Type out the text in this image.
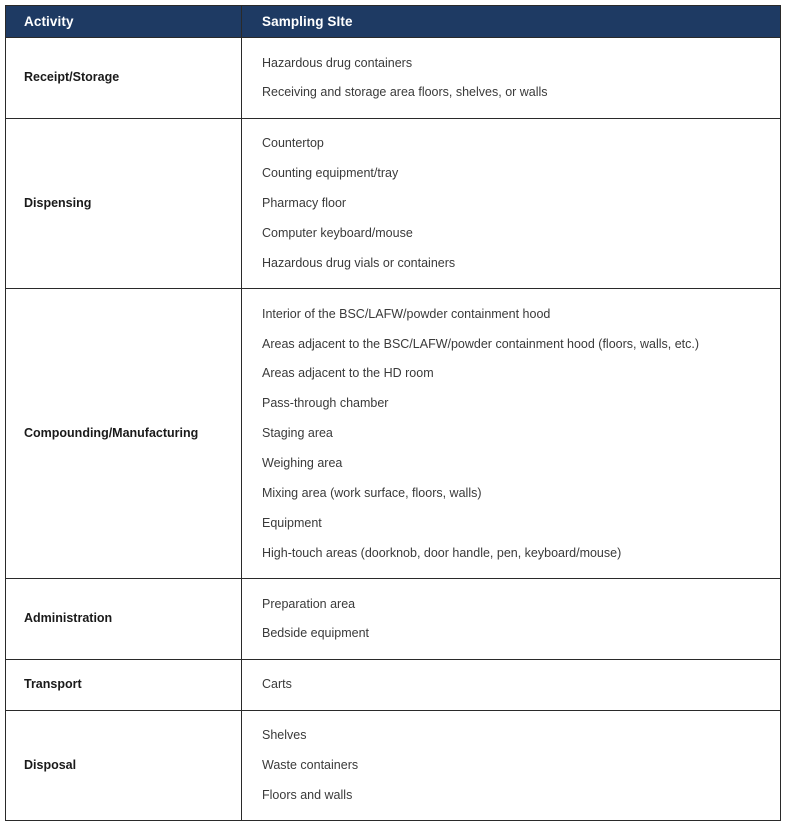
Activity	Sampling SIte
Receipt/Storage	
Hazardous drug containers
Receiving and storage area floors, shelves, or walls

Dispensing	
Countertop
Counting equipment/tray
Pharmacy floor
Computer keyboard/mouse
Hazardous drug vials or containers

Compounding/Manufacturing	
Interior of the BSC/LAFW/powder containment hood
Areas adjacent to the BSC/LAFW/powder containment hood (floors, walls, etc.)
Areas adjacent to the HD room
Pass-through chamber
Staging area
Weighing area
Mixing area (work surface, floors, walls)
Equipment
High-touch areas (doorknob, door handle, pen, keyboard/mouse)

Administration	
Preparation area
Bedside equipment

Transport	Carts

Disposal	
Shelves
Waste containers
Floors and walls
